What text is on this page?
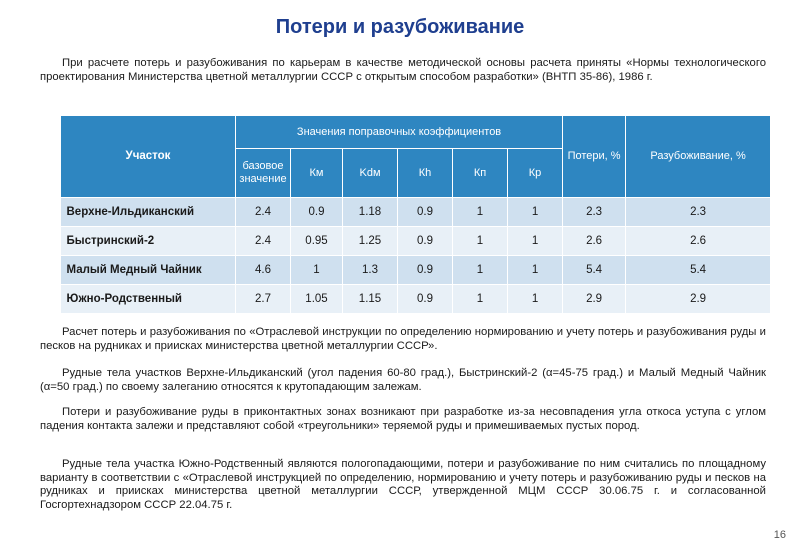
Потери и разубоживание

При расчете потерь и разубоживания по карьерам в качестве методической основы расчета приняты «Нормы технологического проектирования Министерства цветной металлургии СССР с открытым способом разработки» (ВНТП 35-86), 1986 г.

Участок	Значения поправочных коэффициентов						Потери, %	Разубоживание, %
	базовое значение	Км	Kdм	Кh	Кп	Кр		
Верхне-Ильдиканский	2.4	0.9	1.18	0.9	1	1	2.3	2.3
Быстринский-2	2.4	0.95	1.25	0.9	1	1	2.6	2.6
Малый Медный Чайник	4.6	1	1.3	0.9	1	1	5.4	5.4
Южно-Родственный	2.7	1.05	1.15	0.9	1	1	2.9	2.9

Расчет потерь и разубоживания по «Отраслевой инструкции по определению нормированию и учету потерь и разубоживания руды и песков на рудниках и приисках министерства цветной металлургии СССР».

Рудные тела участков Верхне-Ильдиканский (угол падения 60-80 град.), Быстринский-2 (α=45-75 град.) и Малый Медный Чайник (α=50 град.) по своему залеганию относятся к крутопадающим залежам.

Потери и разубоживание руды в приконтактных зонах возникают при разработке из-за несовпадения угла откоса уступа с углом падения контакта залежи и представляют собой «треугольники» теряемой руды и примешиваемых пустых пород.

Рудные тела участка Южно-Родственный являются пологопадающими, потери и разубоживание по ним считались по площадному варианту в соответствии с «Отраслевой инструкцией по определению, нормированию и учету потерь и разубоживанию руды и песков на рудниках и приисках министерства цветной металлургии СССР, утвержденной МЦМ СССР 30.06.75 г. и согласованной Госгортехнадзором СССР 22.04.75 г.

16
